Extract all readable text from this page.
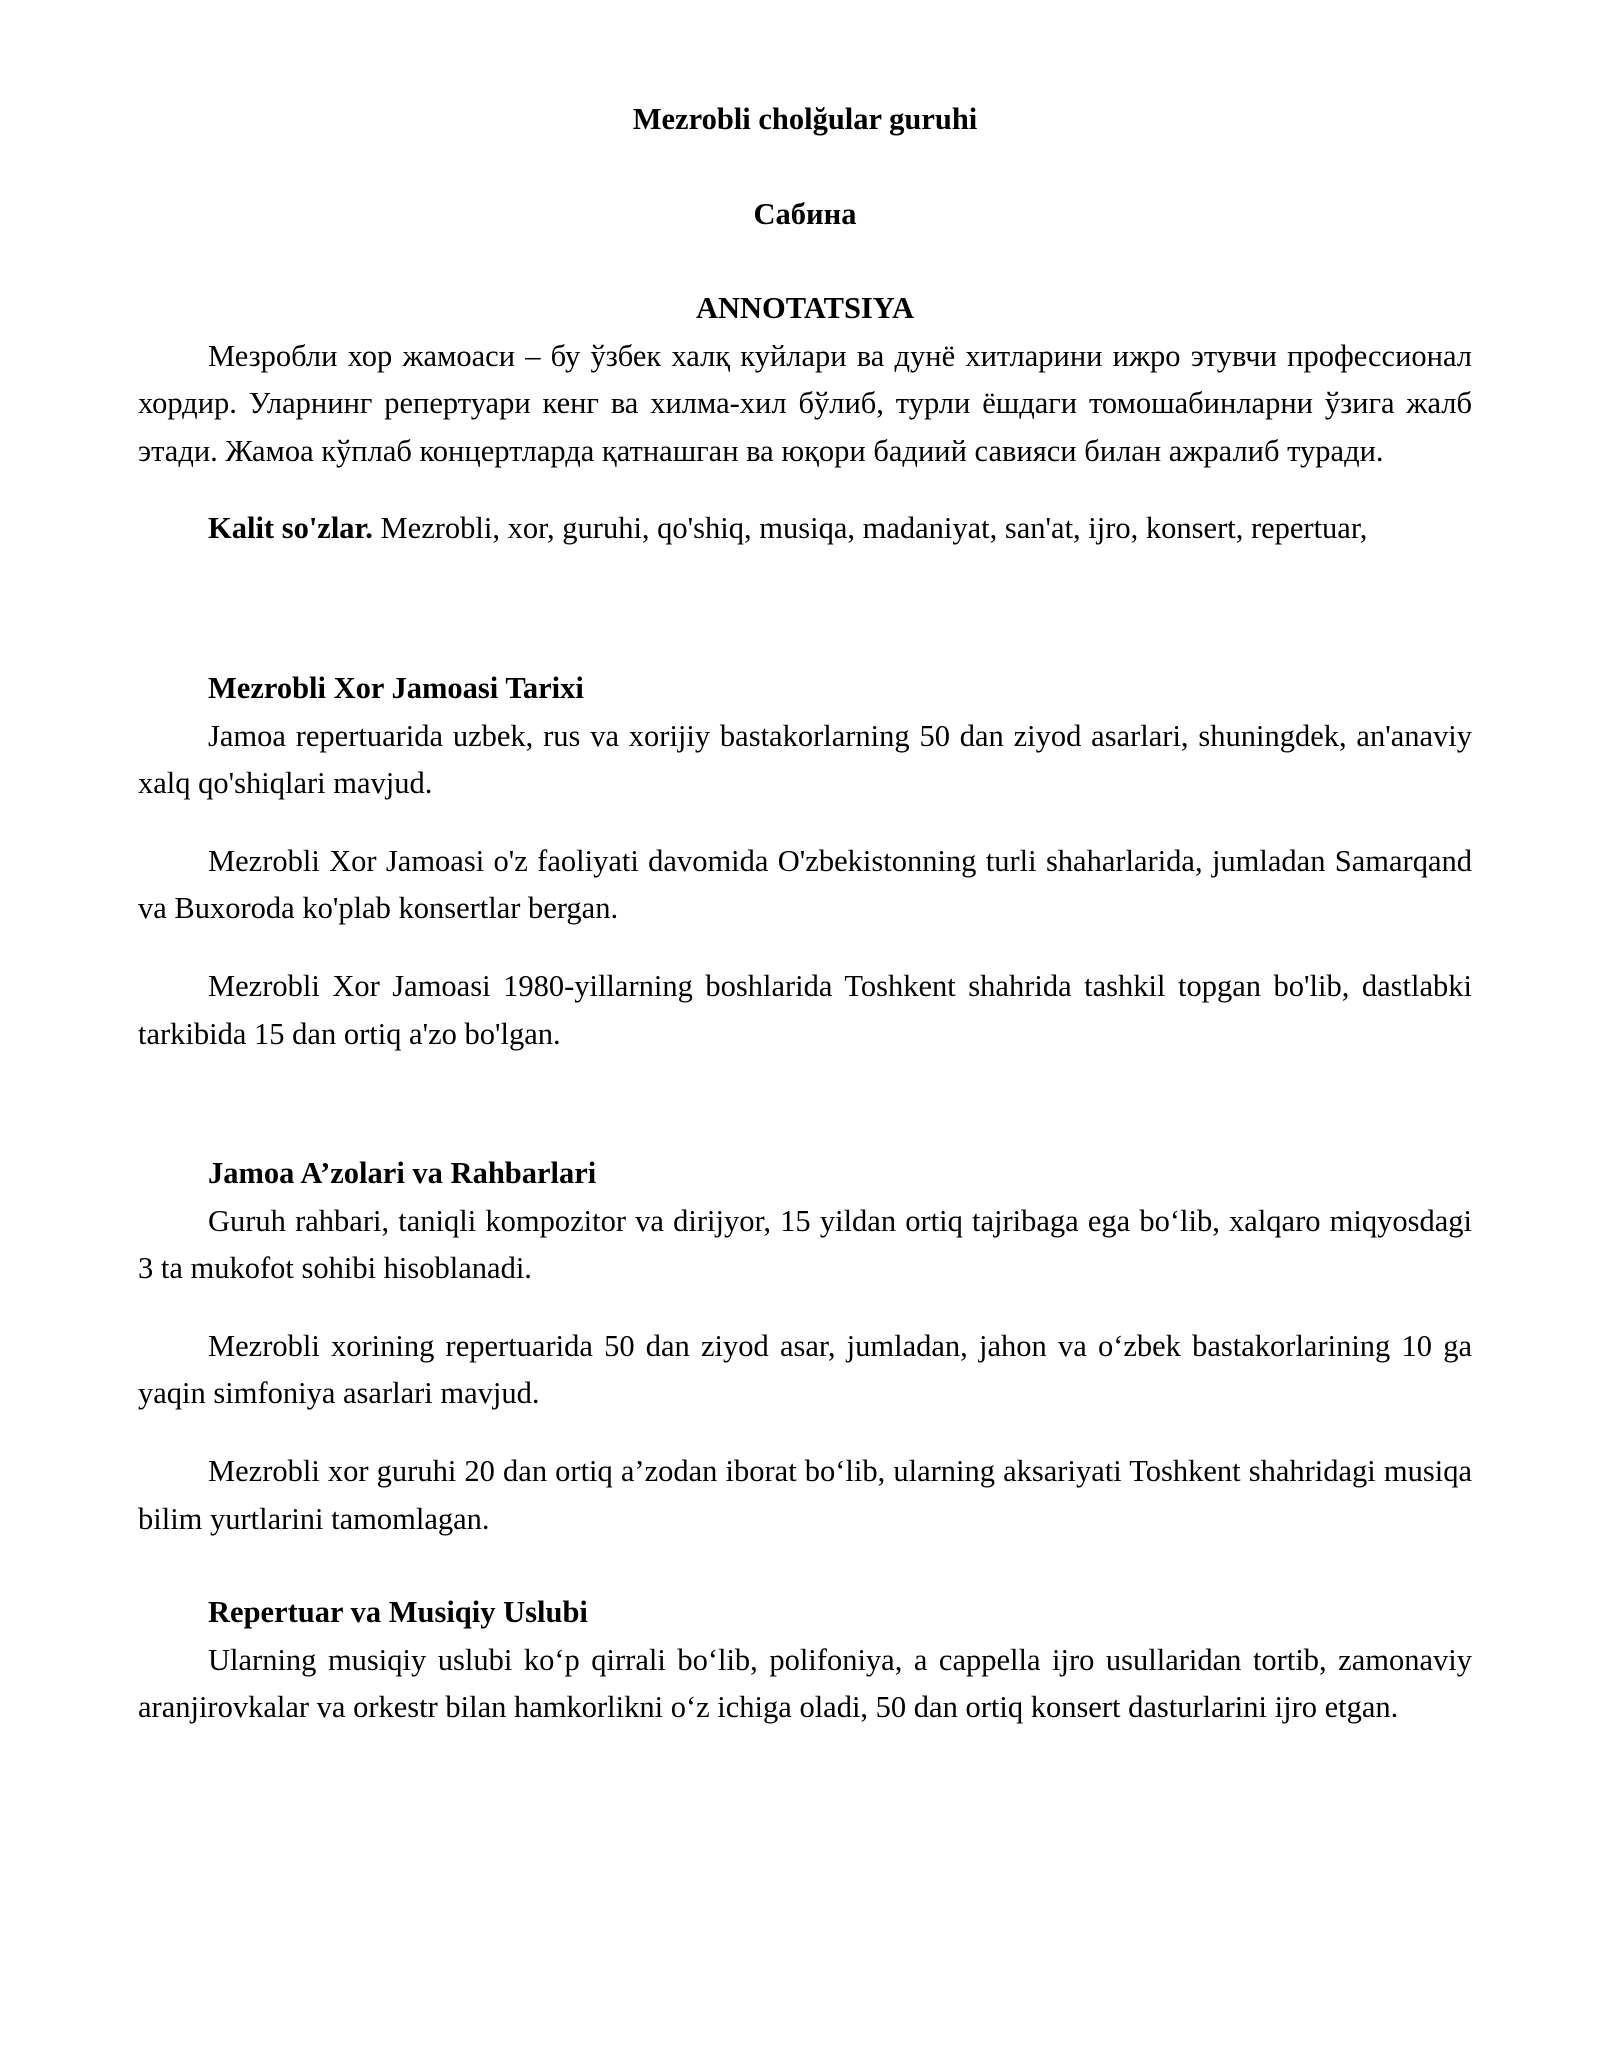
Mezrobli cholğular guruhi
Сабина
ANNOTATSIYA

Мезробли хор жамоаси – бу ўзбек халқ куйлари ва дунё хитларини ижро этувчи профессионал хордир. Уларнинг репертуари кенг ва хилма-хил бўлиб, турли ёшдаги томошабинларни ўзига жалб этади. Жамоа кўплаб концертларда қатнашган ва юқори бадиий савияси билан ажралиб туради.

Kalit so'zlar. Mezrobli, xor, guruhi, qo'shiq, musiqa, madaniyat, san'at, ijro, konsert, repertuar,

Mezrobli Xor Jamoasi Tarixi

Jamoa repertuarida uzbek, rus va xorijiy bastakorlarning 50 dan ziyod asarlari, shuningdek, an'anaviy xalq qo'shiqlari mavjud.

Mezrobli Xor Jamoasi o'z faoliyati davomida O'zbekistonning turli shaharlarida, jumladan Samarqand va Buxoroda ko'plab konsertlar bergan.

Mezrobli Xor Jamoasi 1980-yillarning boshlarida Toshkent shahrida tashkil topgan bo'lib, dastlabki tarkibida 15 dan ortiq a'zo bo'lgan.

Jamoa A’zolari va Rahbarlari

Guruh rahbari, taniqli kompozitor va dirijyor, 15 yildan ortiq tajribaga ega bo‘lib, xalqaro miqyosdagi 3 ta mukofot sohibi hisoblanadi.

Mezrobli xorining repertuarida 50 dan ziyod asar, jumladan, jahon va o‘zbek bastakorlarining 10 ga yaqin simfoniya asarlari mavjud.

Mezrobli xor guruhi 20 dan ortiq a’zodan iborat bo‘lib, ularning aksariyati Toshkent shahridagi musiqa bilim yurtlarini tamomlagan.

Repertuar va Musiqiy Uslubi

Ularning musiqiy uslubi ko‘p qirrali bo‘lib, polifoniya, a cappella ijro usullaridan tortib, zamonaviy aranjirovkalar va orkestr bilan hamkorlikni o‘z ichiga oladi, 50 dan ortiq konsert dasturlarini ijro etgan.
